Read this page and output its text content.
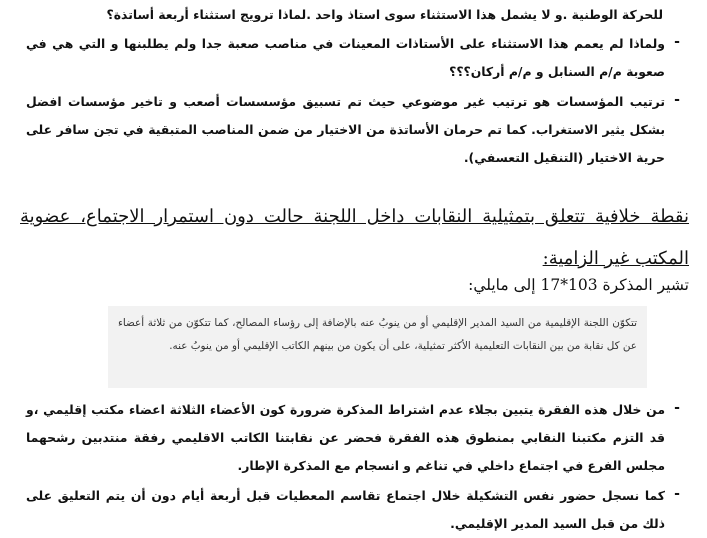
للحركة الوطنية .و لا يشمل هذا الاستثناء سوى استاذ واحد .لماذا ترويج استثناء أربعة أساتذة؟
-
ولماذا لم يعمم هذا الاستثناء على الأستاذات المعينات في مناصب صعبة جدا ولم يطلبنها و التي هي في صعوبة م/م السنابل و م/م أركان؟؟؟
-
ترتيب المؤسسات هو ترتيب غير موضوعي حيث تم تسبيق مؤسسسات أصعب و تاخير مؤسسات افضل بشكل يثير الاستغراب. كما تم حرمان الأساتذة من الاختيار من ضمن المناصب المتبقية في تجن سافر على حرية الاختيار (التنقيل التعسفي).
نقطة خلافية تتعلق بتمثيلية النقابات داخل اللجنة حالت دون استمرار الاجتماع، عضوية المكتب غير الزامية:
تشير المذكرة 103*17 إلى مايلي:
تتكوّن اللجنة الإقليمية من السيد المدير الإقليمي أو من ينوبُ عنه بالإضافة إلى رؤساء المصالح، كما تتكوّن من ثلاثة أعضاء عن كل نقابة من بين النقابات التعليمية الأكثر تمثيلية، على أن يكون من بينهم الكاتب الإقليمي أو من ينوبُ عنه.
-
من خلال هذه الفقرة يتبين بجلاء عدم اشتراط المذكرة ضرورة كون الأعضاء الثلاثة اعضاء مكتب إقليمي ،و قد التزم مكتبنا النقابي بمنطوق هذه الفقرة فحضر عن نقابتنا الكاتب الاقليمي رفقة منتدبين رشحهما مجلس الفرع في اجتماع داخلي في تناغم و انسجام مع المذكرة الإطار.
-
كما نسجل حضور نفس التشكيلة خلال اجتماع تقاسم المعطيات قبل أربعة أيام دون أن يتم التعليق على ذلك من قبل السيد المدير الإقليمي.
